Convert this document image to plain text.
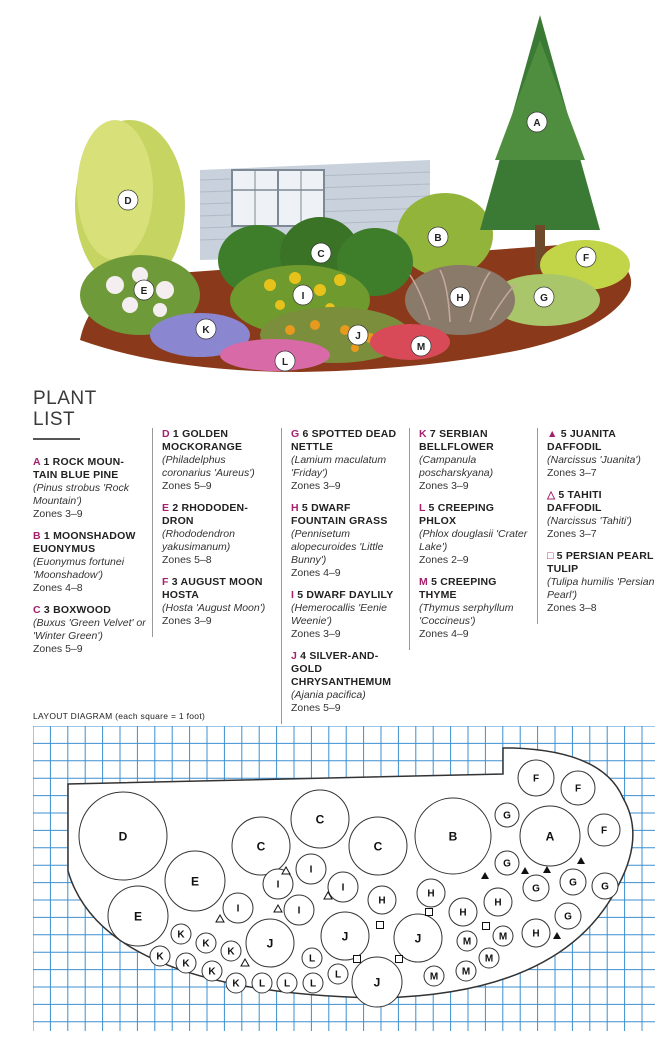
A
B
C
D
E
F
G
H
I
J
K
L
M
PLANT
LIST
A 1 ROCK MOUN-TAIN BLUE PINE
(Pinus strobus 'Rock Mountain')
Zones 3–9
B 1 MOONSHADOW EUONYMUS
(Euonymus fortunei 'Moonshadow')
Zones 4–8
C 3 BOXWOOD
(Buxus 'Green Velvet' or 'Winter Green')
Zones 5–9
D 1 GOLDEN MOCKORANGE
(Philadelphus coronarius 'Aureus')
Zones 5–9
E 2 RHODODEN-DRON
(Rhododendron yakusimanum)
Zones 5–8
F 3 AUGUST MOON HOSTA
(Hosta 'August Moon')
Zones 3–9
G 6 SPOTTED DEAD NETTLE
(Lamium maculatum 'Friday')
Zones 3–9
H 5 DWARF FOUNTAIN GRASS
(Pennisetum alopecuroides 'Little Bunny')
Zones 4–9
I 5 DWARF DAYLILY
(Hemerocallis 'Eenie Weenie')
Zones 3–9
J 4 SILVER-AND-GOLD CHRYSANTHEMUM
(Ajania pacifica)
Zones 5–9
K 7 SERBIAN BELLFLOWER
(Campanula poscharskyana)
Zones 3–9
L 5 CREEPING PHLOX
(Phlox douglasii 'Crater Lake')
Zones 2–9
M 5 CREEPING THYME
(Thymus serphyllum 'Coccineus')
Zones 4–9
▲ 5 JUANITA DAFFODIL
(Narcissus 'Juanita')
Zones 3–7
△ 5 TAHITI DAFFODIL
(Narcissus 'Tahiti')
Zones 3–7
□ 5 PERSIAN PEARL TULIP
(Tulipa humilis 'Persian Pearl')
Zones 3–8
LAYOUT DIAGRAM (each square = 1 foot)
D
E
E
C
C
C
B	A
F
F
F
G
G
G
G G
G
H
H
H
H
H
I
I
I
I
I
J	J	J
J
K
K
K
K
K
K
K L L
L
L
L
M	M
M
M
M
